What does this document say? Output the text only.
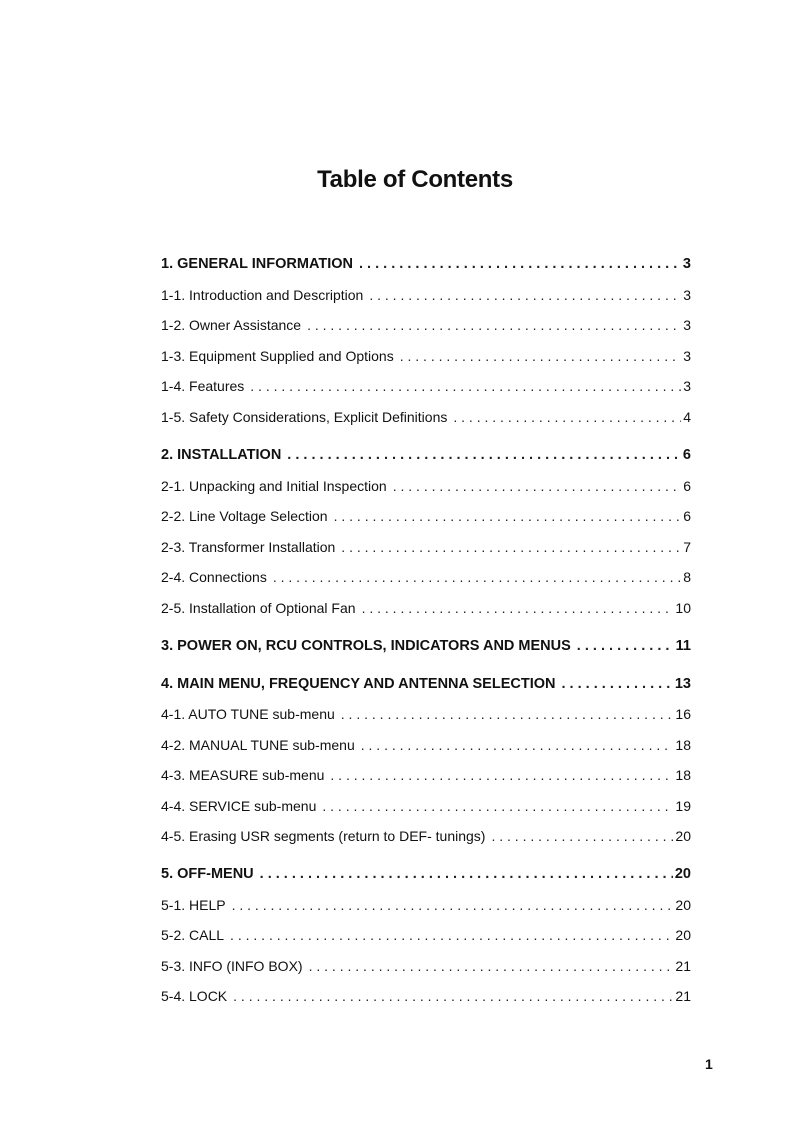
Table of Contents
1. GENERAL INFORMATION . . .	3
1-1. Introduction and Description . . .	3
1-2. Owner Assistance . . .	3
1-3. Equipment Supplied and Options . . .	3
1-4. Features . . .	3
1-5. Safety Considerations, Explicit Definitions . . .	4
2. INSTALLATION . . .	6
2-1. Unpacking and Initial Inspection . . .	6
2-2. Line Voltage Selection . . .	6
2-3. Transformer Installation . . .	7
2-4. Connections . . .	8
2-5. Installation of Optional Fan . . .	10
3. POWER ON, RCU CONTROLS, INDICATORS AND MENUS . . .	11
4. MAIN MENU, FREQUENCY AND ANTENNA SELECTION . . .	13
4-1. AUTO TUNE sub-menu . . .	16
4-2. MANUAL TUNE sub-menu . . .	18
4-3. MEASURE sub-menu . . .	18
4-4. SERVICE sub-menu . . .	19
4-5. Erasing USR segments (return to DEF- tunings) . . .	20
5. OFF-MENU . . .	20
5-1. HELP . . .	20
5-2. CALL . . .	20
5-3. INFO (INFO BOX) . . .	21
5-4. LOCK . . .	21
1
